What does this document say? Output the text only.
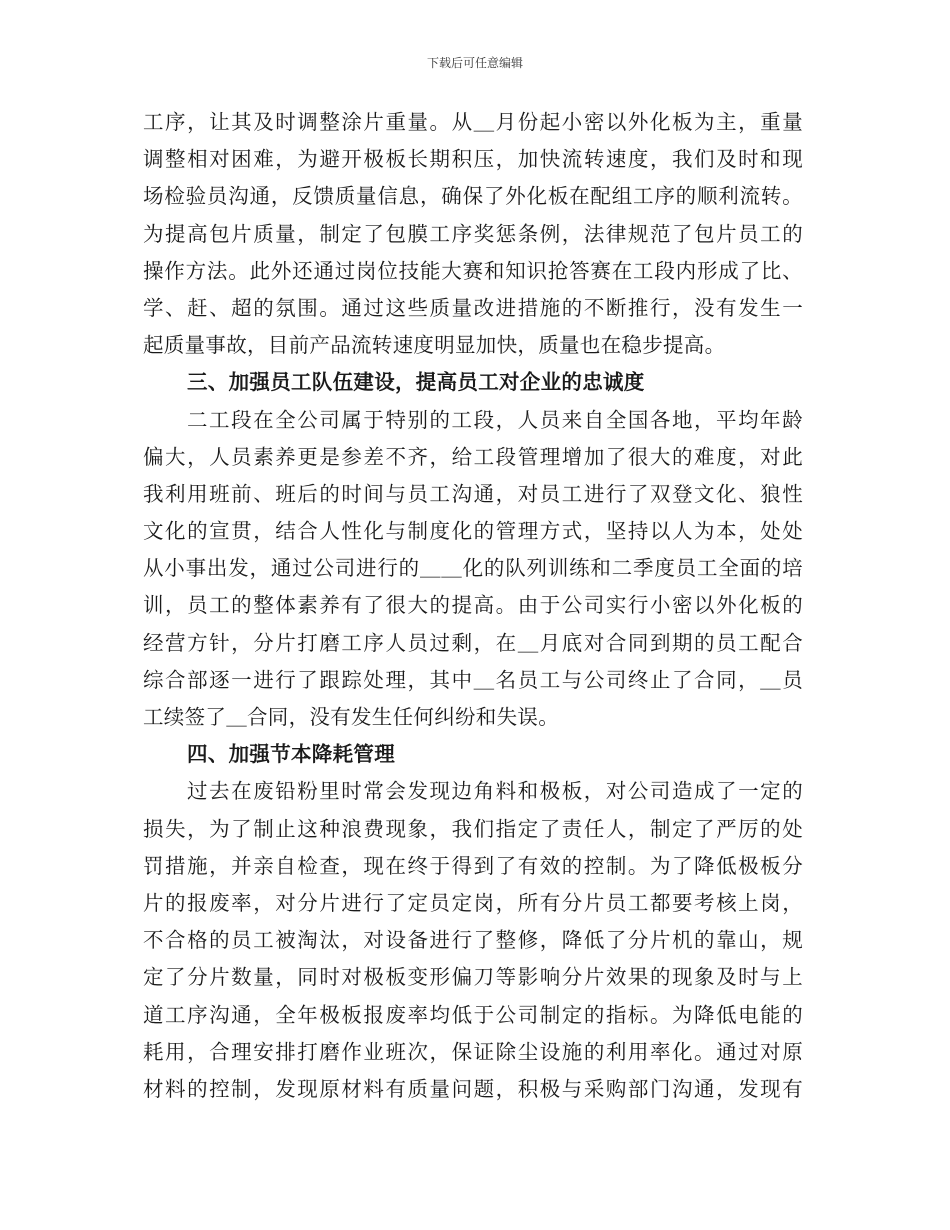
下载后可任意编辑
工序，让其及时调整涂片重量。从＿月份起小密以外化板为主，重量
调整相对困难，为避开极板长期积压，加快流转速度，我们及时和现
场检验员沟通，反馈质量信息，确保了外化板在配组工序的顺利流转。
为提高包片质量，制定了包膜工序奖惩条例，法律规范了包片员工的
操作方法。此外还通过岗位技能大赛和知识抢答赛在工段内形成了比、
学、赶、超的氛围。通过这些质量改进措施的不断推行，没有发生一
起质量事故，目前产品流转速度明显加快，质量也在稳步提高。
三、加强员工队伍建设，提高员工对企业的忠诚度
二工段在全公司属于特别的工段，人员来自全国各地，平均年龄
偏大，人员素养更是参差不齐，给工段管理增加了很大的难度，对此
我利用班前、班后的时间与员工沟通，对员工进行了双登文化、狼性
文化的宣贯，结合人性化与制度化的管理方式，坚持以人为本，处处
从小事出发，通过公司进行的＿＿化的队列训练和二季度员工全面的培
训，员工的整体素养有了很大的提高。由于公司实行小密以外化板的
经营方针，分片打磨工序人员过剩，在＿月底对合同到期的员工配合
综合部逐一进行了跟踪处理，其中＿名员工与公司终止了合同，＿员
工续签了＿合同，没有发生任何纠纷和失误。
四、加强节本降耗管理
过去在废铅粉里时常会发现边角料和极板，对公司造成了一定的
损失，为了制止这种浪费现象，我们指定了责任人，制定了严厉的处
罚措施，并亲自检查，现在终于得到了有效的控制。为了降低极板分
片的报废率，对分片进行了定员定岗，所有分片员工都要考核上岗，
不合格的员工被淘汰，对设备进行了整修，降低了分片机的靠山，规
定了分片数量，同时对极板变形偏刀等影响分片效果的现象及时与上
道工序沟通，全年极板报废率均低于公司制定的指标。为降低电能的
耗用，合理安排打磨作业班次，保证除尘设施的利用率化。通过对原
材料的控制，发现原材料有质量问题，积极与采购部门沟通，发现有
